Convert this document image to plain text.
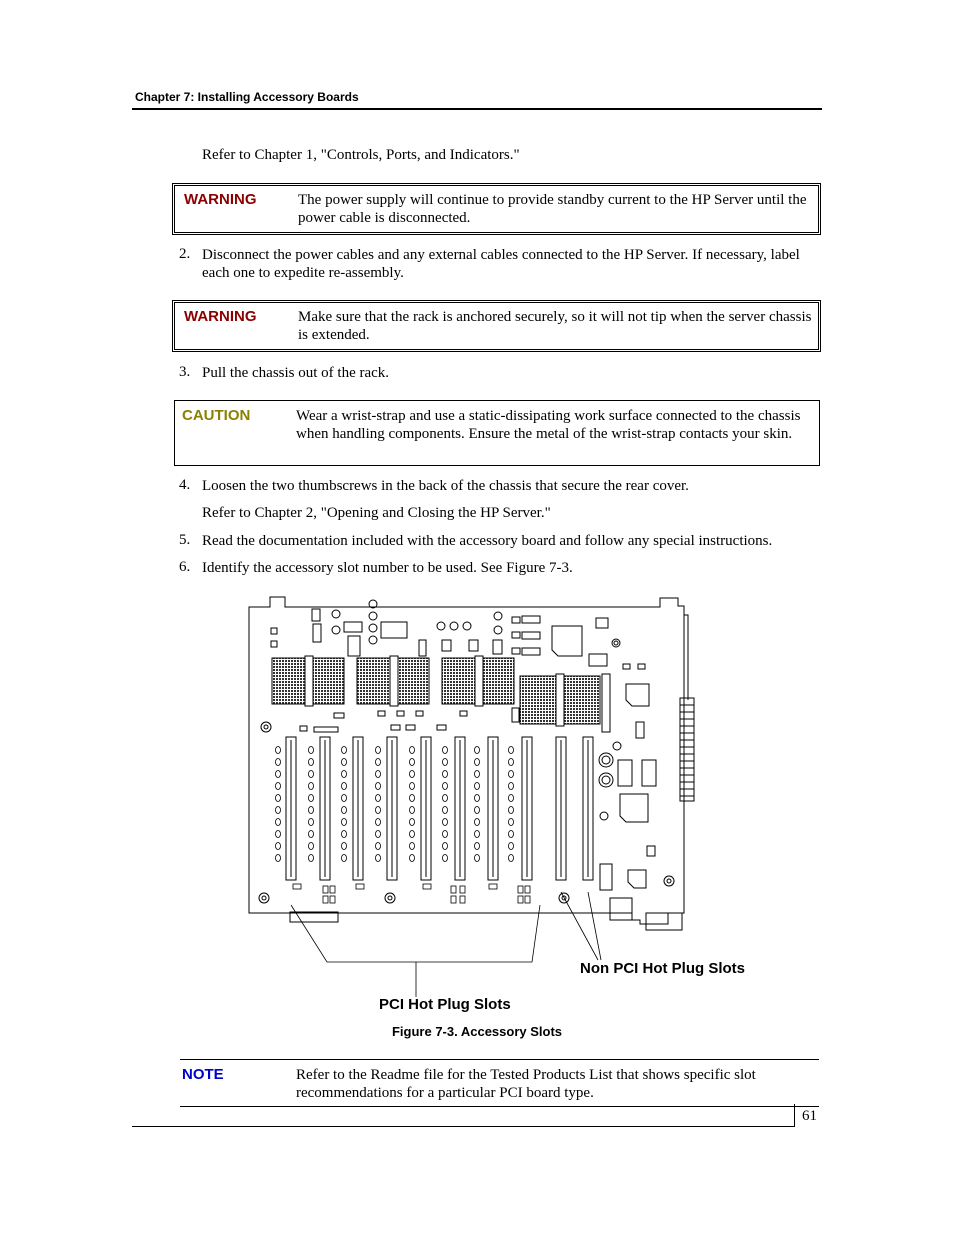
Chapter 7: Installing Accessory Boards
Refer to Chapter 1, "Controls, Ports, and Indicators."
WARNING	The power supply will continue to provide standby current to the HP Server until the power cable is disconnected.
2. Disconnect the power cables and any external cables connected to the HP Server. If necessary, label each one to expedite re-assembly.
WARNING	Make sure that the rack is anchored securely, so it will not tip when the server chassis is extended.
3. Pull the chassis out of the rack.
CAUTION	Wear a wrist-strap and use a static-dissipating work surface connected to the chassis when handling components. Ensure the metal of the wrist-strap contacts your skin.
4. Loosen the two thumbscrews in the back of the chassis that secure the rear cover.
Refer to Chapter 2, "Opening and Closing the HP Server."
5. Read the documentation included with the accessory board and follow any special instructions.
6. Identify the accessory slot number to be used. See Figure 7-3.
Non PCI Hot Plug Slots
PCI Hot Plug Slots
Figure 7-3. Accessory Slots
NOTE	Refer to the Readme file for the Tested Products List that shows specific slot recommendations for a particular PCI board type.
61
